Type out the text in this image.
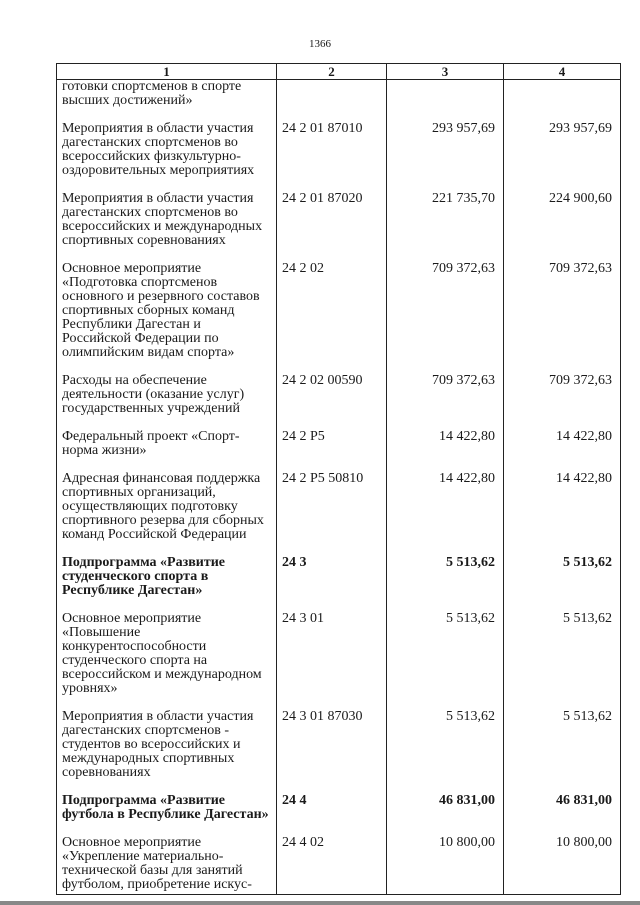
1366
1	2	3	4
готовки спортсменов в спорте высших достижений»			
Мероприятия в области участия дагестанских спортсменов во всероссийских физкультурно-оздоровительных мероприятиях	24 2 01 87010	293 957,69	293 957,69
Мероприятия в области участия дагестанских спортсменов во всероссийских и международных спортивных соревнованиях	24 2 01 87020	221 735,70	224 900,60
Основное мероприятие «Подготовка спортсменов основного и резервного составов спортивных сборных команд Республики Дагестан и Российской Федерации по олимпийским видам спорта»	24 2 02	709 372,63	709 372,63
Расходы на обеспечение деятельности (оказание услуг) государственных учреждений	24 2 02 00590	709 372,63	709 372,63
Федеральный проект «Спорт-норма жизни»	24 2 P5	14 422,80	14 422,80
Адресная финансовая поддержка спортивных организаций, осуществляющих подготовку спортивного резерва для сборных команд Российской Федерации	24 2 P5 50810	14 422,80	14 422,80
Подпрограмма «Развитие студенческого спорта в Республике Дагестан»	24 3	5 513,62	5 513,62
Основное мероприятие «Повышение конкурентоспособности студенческого спорта на всероссийском и международном уровнях»	24 3 01	5 513,62	5 513,62
Мероприятия в области участия дагестанских спортсменов - студентов во всероссийских и международных спортивных соревнованиях	24 3 01 87030	5 513,62	5 513,62
Подпрограмма «Развитие футбола в Республике Дагестан»	24 4	46 831,00	46 831,00
Основное мероприятие «Укрепление материально-технической базы для занятий футболом, приобретение искус-	24 4 02	10 800,00	10 800,00
